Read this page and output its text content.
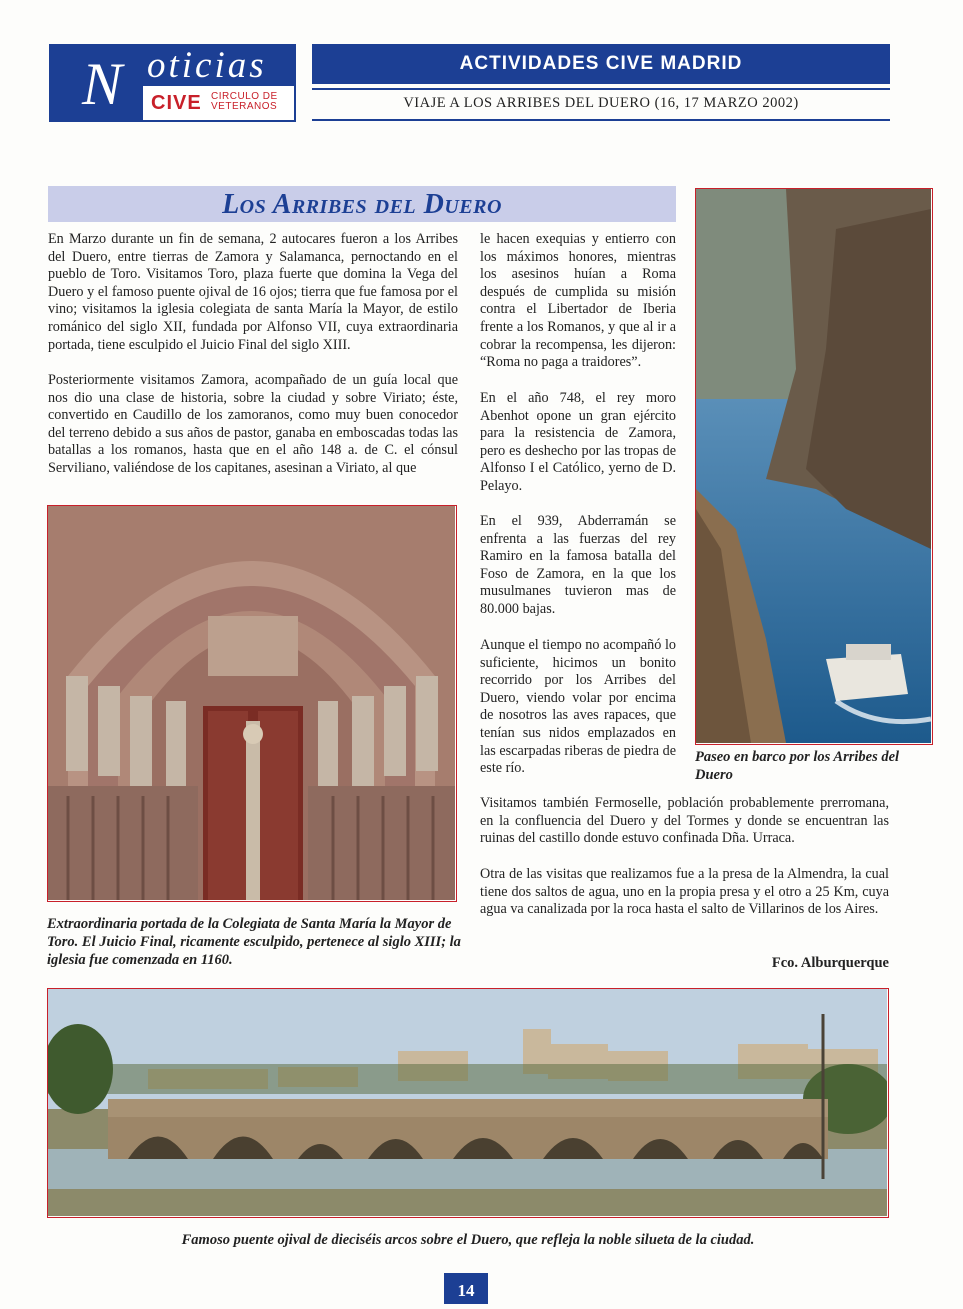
N oticias
CIVE CIRCULO DE
VETERANOS
ACTIVIDADES CIVE MADRID
VIAJE A LOS ARRIBES DEL DUERO (16, 17 MARZO 2002)
Los Arribes del Duero

En Marzo durante un fin de semana, 2 autocares fueron a los Arribes del Duero, entre tierras de Zamora y Salamanca, pernoctando en el pueblo de Toro. Visitamos Toro, plaza fuerte que domina la Vega del Duero y el famoso puente ojival de 16 ojos; tierra que fue famosa por el vino; visitamos la iglesia colegiata de santa María la Mayor, de estilo románico del siglo XII, fundada por Alfonso VII, cuya extraordinaria portada, tiene esculpido el Juicio Final del siglo XIII.

Posteriormente visitamos Zamora, acompañado de un guía local que nos dio una clase de historia, sobre la ciudad y sobre Viriato; éste, convertido en Caudillo de los zamoranos, como muy buen conocedor del terreno debido a sus años de pastor, ganaba en emboscadas todas las batallas a los romanos, hasta que en el año 148 a. de C. el cónsul Serviliano, valiéndose de los capitanes, asesinan a Viriato, al que

le hacen exequias y entierro con los máximos honores, mientras los asesinos huían a Roma después de cumplida su misión contra el Libertador de Iberia frente a los Romanos, y que al ir a cobrar la recompensa, les dijeron: “Roma no paga a traidores”.

En el año 748, el rey moro Abenhot opone un gran ejército para la resistencia de Zamora, pero es deshecho por las tropas de Alfonso I el Católico, yerno de D. Pelayo.

En el 939, Abderramán se enfrenta a las fuerzas del rey Ramiro en la famosa batalla del Foso de Zamora, en la que los musulmanes tuvieron mas de 80.000 bajas.

Aunque el tiempo no acompañó lo suficiente, hicimos un bonito recorrido por los Arribes del Duero, viendo volar por encima de nosotros las aves rapaces, que tenían sus nidos emplazados en las escarpadas riberas de piedra de este río.

Visitamos también Fermoselle, población probablemente prerromana, en la confluencia del Duero y del Tormes y donde se encuentran las ruinas del castillo donde estuvo confinada Dña. Urraca.

Otra de las visitas que realizamos fue a la presa de la Almendra, la cual tiene dos saltos de agua, uno en la propia presa y el otro a 25 Km, cuya agua va canalizada por la roca hasta el salto de Villarinos de los Aires.

Fco. Alburquerque
Paseo en barco por los Arribes del Duero
Extraordinaria portada de la Colegiata de Santa María la Mayor de Toro. El Juicio Final, ricamente esculpido, pertenece al siglo XIII; la iglesia fue comenzada en 1160.
Famoso puente ojival de dieciséis arcos sobre el Duero, que refleja la noble silueta de la ciudad.
14
